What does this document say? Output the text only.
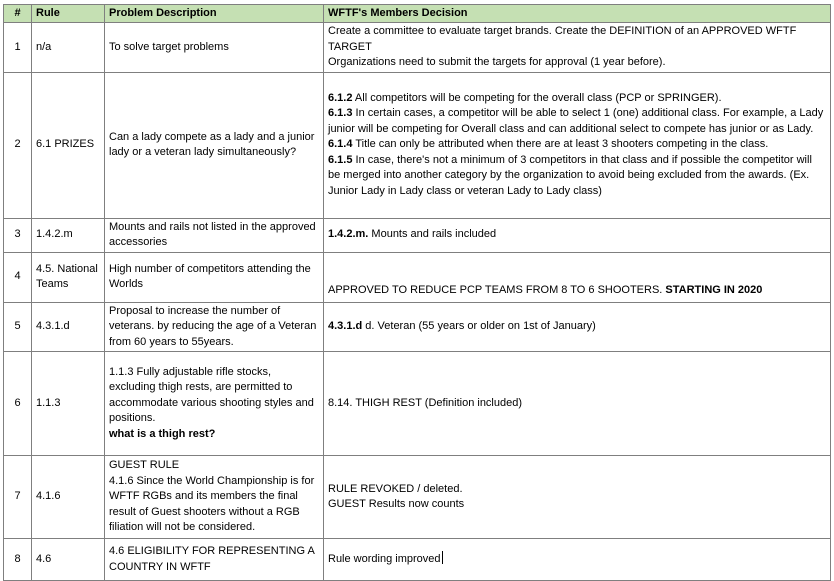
#	Rule	Problem Description	WFTF's Members Decision
1	n/a	To solve target problems	Create a committee to evaluate target brands. Create the DEFINITION of an APPROVED WFTF TARGET
Organizations need to submit the targets for approval (1 year before).

2	6.1 PRIZES	Can a lady compete as a lady and a junior lady or a veteran lady simultaneously?	6.1.2 All competitors will be competing for the overall class (PCP or SPRINGER).
6.1.3 In certain cases, a competitor will be able to select 1 (one) additional class. For example, a Lady junior will be competing for Overall class and can additional select to compete has junior or as Lady.
6.1.4 Title can only be attributed when there are at least 3 shooters competing in the class.
6.1.5 In case, there's not a minimum of 3 competitors in that class and if possible the competitor will be merged into another category by the organization to avoid being excluded from the awards. (Ex. Junior Lady in Lady class or veteran Lady to Lady class)

3	1.4.2.m	Mounts and rails not listed in the approved accessories	1.4.2.m. Mounts and rails included
4	4.5. National Teams	High number of competitors attending the Worlds	APPROVED TO REDUCE PCP TEAMS FROM 8 TO 6 SHOOTERS. STARTING IN 2020
5	4.3.1.d	Proposal to increase the number of veterans. by reducing the age of a Veteran from 60 years to 55years.	4.3.1.d d. Veteran (55 years or older on 1st of January)
6	1.1.3	1.1.3 Fully adjustable rifle stocks, excluding thigh rests, are permitted to accommodate various shooting styles and positions.
what is a thigh rest?	8.14. THIGH REST (Definition included)
7	4.1.6	GUEST RULE
4.1.6 Since the World Championship is for WFTF RGBs and its members the final result of Guest shooters without a RGB filiation will not be considered.	RULE REVOKED / deleted.
GUEST Results now counts

8	4.6	4.6 ELIGIBILITY FOR REPRESENTING A COUNTRY IN WFTF	Rule wording improved
